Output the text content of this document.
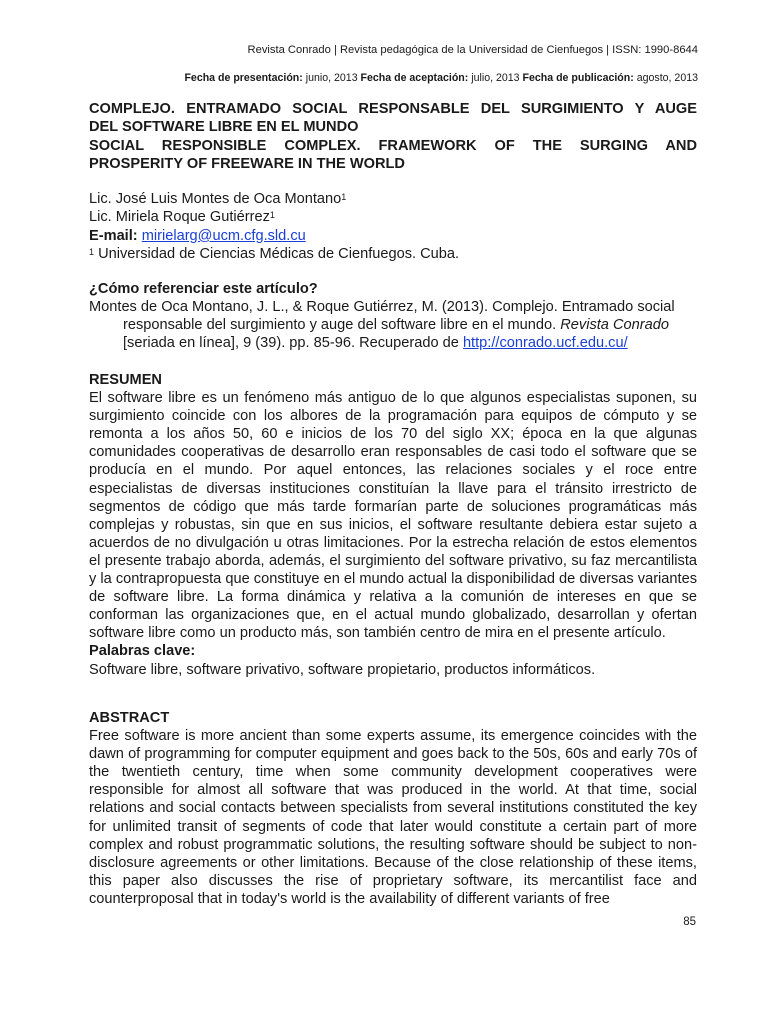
Revista Conrado | Revista pedagógica de la Universidad de Cienfuegos | ISSN: 1990-8644
Fecha de presentación: junio, 2013 Fecha de aceptación: julio, 2013 Fecha de publicación: agosto, 2013
COMPLEJO. ENTRAMADO SOCIAL RESPONSABLE DEL SURGIMIENTO Y AUGE
DEL SOFTWARE LIBRE EN EL MUNDO
SOCIAL RESPONSIBLE COMPLEX. FRAMEWORK OF THE SURGING AND
PROSPERITY OF FREEWARE IN THE WORLD
Lic. José Luis Montes de Oca Montano$^1$
Lic. Miriela Roque Gutiérrez$^1$
E-mail: mirielarg@ucm.cfg.sld.cu
$^1$ Universidad de Ciencias Médicas de Cienfuegos. Cuba.
¿Cómo referenciar este artículo?
Montes de Oca Montano, J. L., & Roque Gutiérrez, M. (2013). Complejo. Entramado social responsable del surgimiento y auge del software libre en el mundo. Revista Conrado [seriada en línea], 9 (39). pp. 85-96. Recuperado de http://conrado.ucf.edu.cu/
RESUMEN
El software libre es un fenómeno más antiguo de lo que algunos especialistas suponen, su surgimiento coincide con los albores de la programación para equipos de cómputo y se remonta a los años 50, 60 e inicios de los 70 del siglo XX; época en la que algunas comunidades cooperativas de desarrollo eran responsables de casi todo el software que se producía en el mundo. Por aquel entonces, las relaciones sociales y el roce entre especialistas de diversas instituciones constituían la llave para el tránsito irrestricto de segmentos de código que más tarde formarían parte de soluciones programáticas más complejas y robustas, sin que en sus inicios, el software resultante debiera estar sujeto a acuerdos de no divulgación u otras limitaciones. Por la estrecha relación de estos elementos el presente trabajo aborda, además, el surgimiento del software privativo, su faz mercantilista y la contrapropuesta que constituye en el mundo actual la disponibilidad de diversas variantes de software libre. La forma dinámica y relativa a la comunión de intereses en que se conforman las organizaciones que, en el actual mundo globalizado, desarrollan y ofertan software libre como un producto más, son también centro de mira en el presente artículo.
Palabras clave:
Software libre, software privativo, software propietario, productos informáticos.
ABSTRACT
Free software is more ancient than some experts assume, its emergence coincides with the dawn of programming for computer equipment and goes back to the 50s, 60s and early 70s of the twentieth century, time when some community development cooperatives were responsible for almost all software that was produced in the world. At that time, social relations and social contacts between specialists from several institutions constituted the key for unlimited transit of segments of code that later would constitute a certain part of more complex and robust programmatic solutions, the resulting software should be subject to non-disclosure agreements or other limitations. Because of the close relationship of these items, this paper also discusses the rise of proprietary software, its mercantilist face and counterproposal that in today's world is the availability of different variants of free
85
